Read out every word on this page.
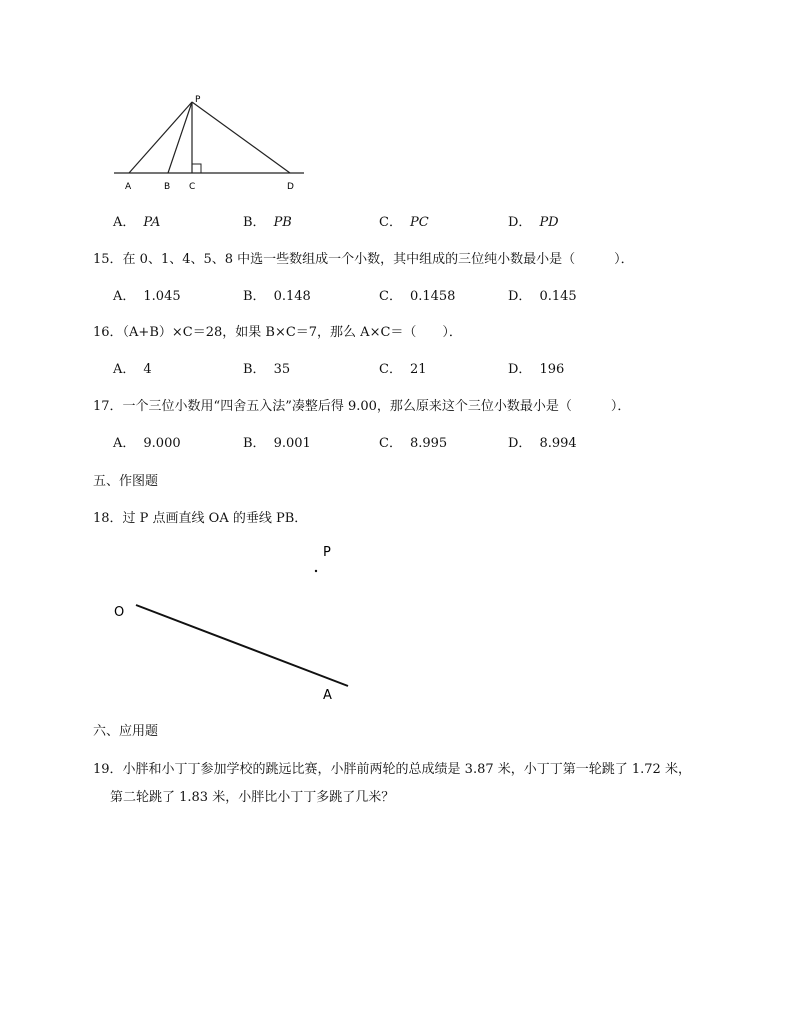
P
A	B C	D
A． PA	B． PB	C． PC	D． PD
15．在 0、1、4、5、8 中选一些数组成一个小数，其中组成的三位纯小数最小是（　　　）．
A． 1.045	B． 0.148	C． 0.1458	D． 0.145
16．（A+B）×C＝28，如果 B×C＝7，那么 A×C＝（　　）．
A． 4	B． 35	C． 21	D． 196
17．一个三位小数用“四舍五入法”凑整后得 9.00，那么原来这个三位小数最小是（　　　）．
A． 9.000	B． 9.001	C． 8.995	D． 8.994
五、作图题
18．过 P 点画直线 OA 的垂线 PB．
P
O
A
六、应用题
19．小胖和小丁丁参加学校的跳远比赛，小胖前两轮的总成绩是 3.87 米，小丁丁第一轮跳了 1.72 米，
第二轮跳了 1.83 米，小胖比小丁丁多跳了几米？
